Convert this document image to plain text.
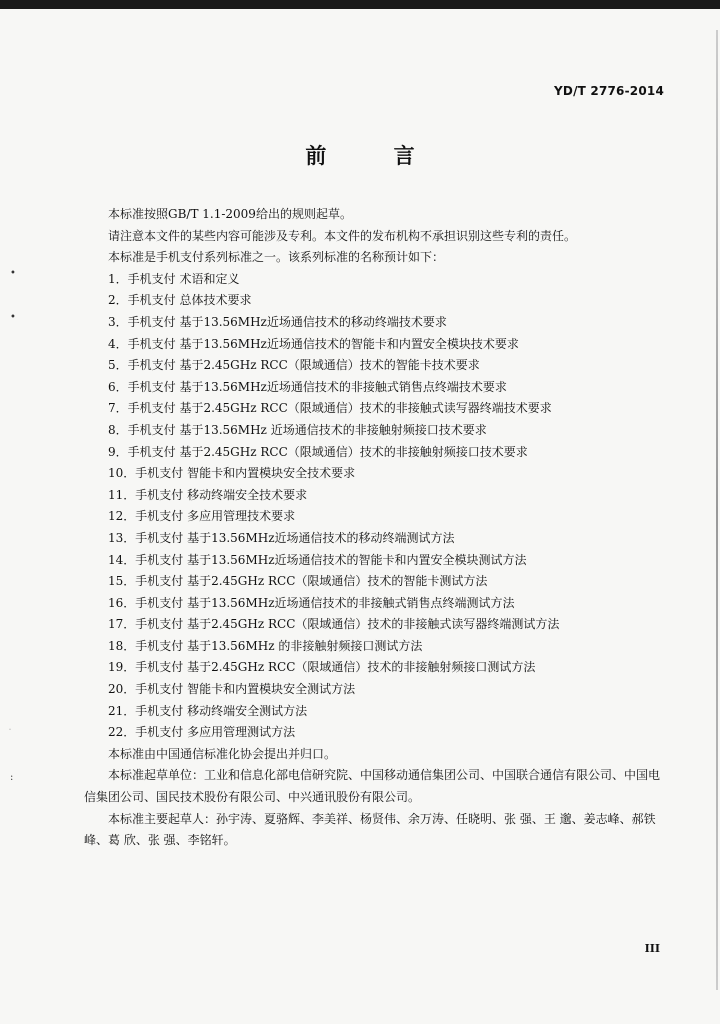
YD/T 2776-2014
前 言

本标准按照GB/T 1.1-2009给出的规则起草。

请注意本文件的某些内容可能涉及专利。本文件的发布机构不承担识别这些专利的责任。

本标准是手机支付系列标准之一。该系列标准的名称预计如下：

1．手机支付 术语和定义
2．手机支付 总体技术要求
3．手机支付 基于13.56MHz近场通信技术的移动终端技术要求
4．手机支付 基于13.56MHz近场通信技术的智能卡和内置安全模块技术要求
5．手机支付 基于2.45GHz RCC（限域通信）技术的智能卡技术要求
6．手机支付 基于13.56MHz近场通信技术的非接触式销售点终端技术要求
7．手机支付 基于2.45GHz RCC（限域通信）技术的非接触式读写器终端技术要求
8．手机支付 基于13.56MHz 近场通信技术的非接触射频接口技术要求
9．手机支付 基于2.45GHz RCC（限域通信）技术的非接触射频接口技术要求
10．手机支付 智能卡和内置模块安全技术要求
11．手机支付 移动终端安全技术要求
12．手机支付 多应用管理技术要求
13．手机支付 基于13.56MHz近场通信技术的移动终端测试方法
14．手机支付 基于13.56MHz近场通信技术的智能卡和内置安全模块测试方法
15．手机支付 基于2.45GHz RCC（限域通信）技术的智能卡测试方法
16．手机支付 基于13.56MHz近场通信技术的非接触式销售点终端测试方法
17．手机支付 基于2.45GHz RCC（限域通信）技术的非接触式读写器终端测试方法
18．手机支付 基于13.56MHz 的非接触射频接口测试方法
19．手机支付 基于2.45GHz RCC（限域通信）技术的非接触射频接口测试方法
20．手机支付 智能卡和内置模块安全测试方法
21．手机支付 移动终端安全测试方法
22．手机支付 多应用管理测试方法

本标准由中国通信标准化协会提出并归口。

本标准起草单位：工业和信息化部电信研究院、中国移动通信集团公司、中国联合通信有限公司、中国电信集团公司、国民技术股份有限公司、中兴通讯股份有限公司。

本标准主要起草人：孙宇涛、夏骆辉、李美祥、杨贤伟、余万涛、任晓明、张 强、王 邈、姜志峰、郝铁峰、葛 欣、张 强、李铭轩。

•
•
:
III
